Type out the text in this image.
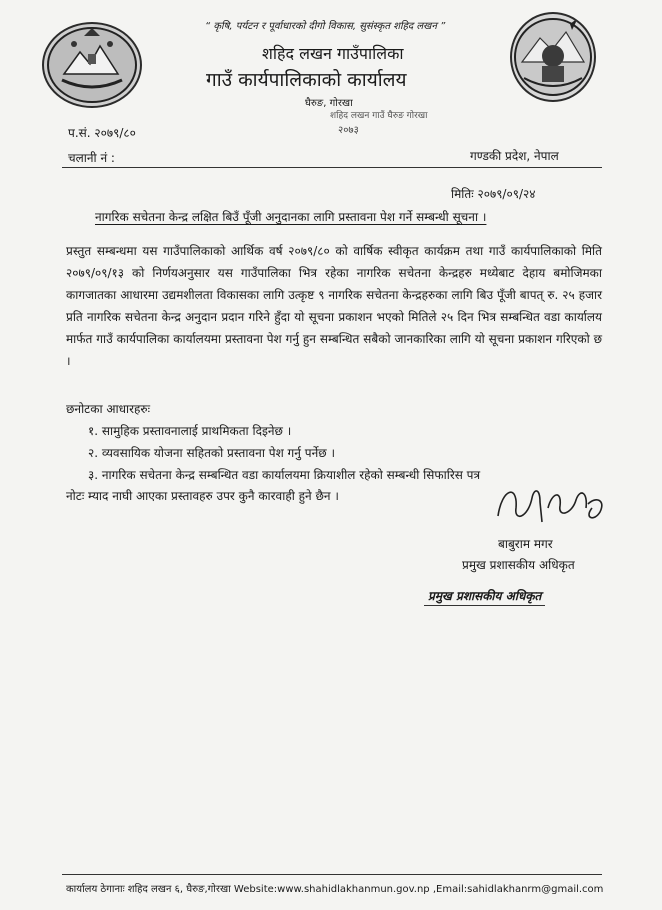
“ कृषि, पर्यटन र पूर्वाधारको दीगो विकास, सुसंस्कृत शहिद लखन ”
शहिद लखन गाउँपालिका
गाउँ कार्यपालिकाको कार्यालय
घैरुङ, गोरखा
शहिद लखन गाउँ घैरुङ गोरखा
२०७३
प.सं. २०७९/८०
चलानी नं :	गण्डकी प्रदेश, नेपाल
मितिः २०७९/०९/२४
नागरिक सचेतना केन्द्र लक्षित बिउँ पूँजी अनुदानका लागि प्रस्तावना पेश गर्ने सम्बन्धी सूचना ।
प्रस्तुत सम्बन्धमा यस गाउँपालिकाको आर्थिक वर्ष २०७९/८० को वार्षिक स्वीकृत कार्यक्रम तथा गाउँ कार्यपालिकाको मिति २०७९/०९/१३ को निर्णयअनुसार यस गाउँपालिका भित्र रहेका नागरिक सचेतना केन्द्रहरु मध्येबाट देहाय बमोजिमका कागजातका आधारमा उद्यमशीलता विकासका लागि उत्कृष्ट ९ नागरिक सचेतना केन्द्रहरुका लागि बिउ पूँजी बापत् रु. २५ हजार प्रति नागरिक सचेतना केन्द्र अनुदान प्रदान गरिने हुँदा यो सूचना प्रकाशन भएको मितिले २५ दिन भित्र सम्बन्धित वडा कार्यालय मार्फत गाउँ कार्यपालिका कार्यालयमा प्रस्तावना पेश गर्नु हुन सम्बन्धित सबैको जानकारिका लागि यो सूचना प्रकाशन गरिएको छ ।
छनोटका आधारहरुः
१. सामुहिक प्रस्तावनालाई प्राथमिकता दिइनेछ ।
२. व्यवसायिक योजना सहितको प्रस्तावना पेश गर्नु पर्नेछ ।
३. नागरिक सचेतना केन्द्र सम्बन्धित वडा कार्यालयमा क्रियाशील रहेको सम्बन्धी सिफारिस पत्र
नोटः म्याद नाघी आएका प्रस्तावहरु उपर कुनै कारवाही हुने छैन ।
बाबुराम मगर
प्रमुख प्रशासकीय अधिकृत
प्रमुख प्रशासकीय अधिकृत
कार्यालय ठेगानाः शहिद लखन ६, घैरुङ,गोरखा Website:www.shahidlakhanmun.gov.np ,Email:sahidlakhanrm@gmail.com
